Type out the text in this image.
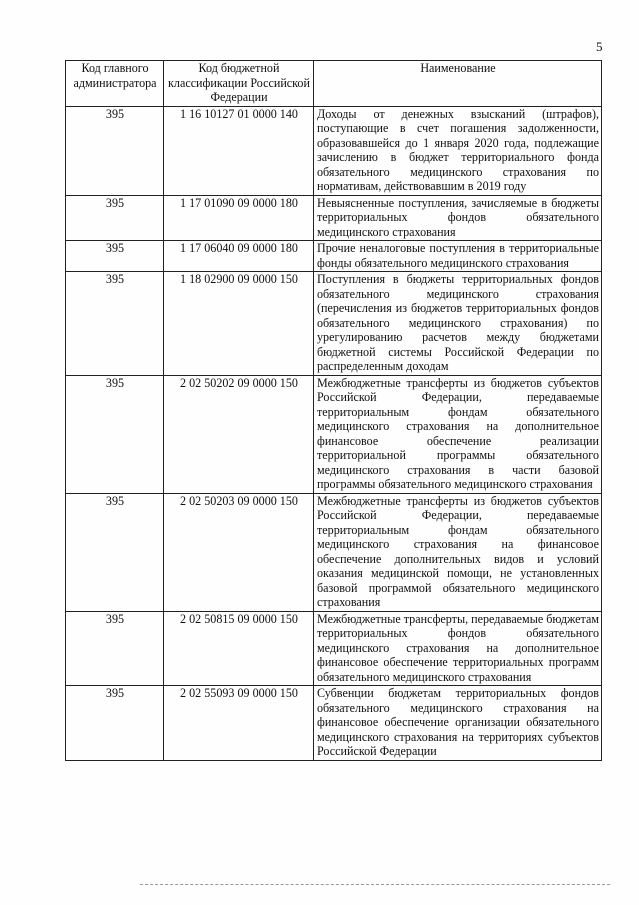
5
Код главного администратора	Код бюджетной классификации Российской Федерации	Наименование
395	1 16 10127 01 0000 140	Доходы от денежных взысканий (штрафов), поступающие в счет погашения задолженности, образовавшейся до 1 января 2020 года, подлежащие зачислению в бюджет территориального фонда обязательного медицинского страхования по нормативам, действовавшим в 2019 году
395	1 17 01090 09 0000 180	Невыясненные поступления, зачисляемые в бюджеты территориальных фондов обязательного медицинского страхования
395	1 17 06040 09 0000 180	Прочие неналоговые поступления в территориальные фонды обязательного медицинского страхования
395	1 18 02900 09 0000 150	Поступления в бюджеты территориальных фондов обязательного медицинского страхования (перечисления из бюджетов территориальных фондов обязательного медицинского страхования) по урегулированию расчетов между бюджетами бюджетной системы Российской Федерации по распределенным доходам
395	2 02 50202 09 0000 150	Межбюджетные трансферты из бюджетов субъектов Российской Федерации, передаваемые территориальным фондам обязательного медицинского страхования на дополнительное финансовое обеспечение реализации территориальной программы обязательного медицинского страхования в части базовой программы обязательного медицинского страхования
395	2 02 50203 09 0000 150	Межбюджетные трансферты из бюджетов субъектов Российской Федерации, передаваемые территориальным фондам обязательного медицинского страхования на финансовое обеспечение дополнительных видов и условий оказания медицинской помощи, не установленных базовой программой обязательного медицинского страхования
395	2 02 50815 09 0000 150	Межбюджетные трансферты, передаваемые бюджетам территориальных фондов обязательного медицинского страхования на дополнительное финансовое обеспечение территориальных программ обязательного медицинского страхования
395	2 02 55093 09 0000 150	Субвенции бюджетам территориальных фондов обязательного медицинского страхования на финансовое обеспечение организации обязательного медицинского страхования на территориях субъектов Российской Федерации
